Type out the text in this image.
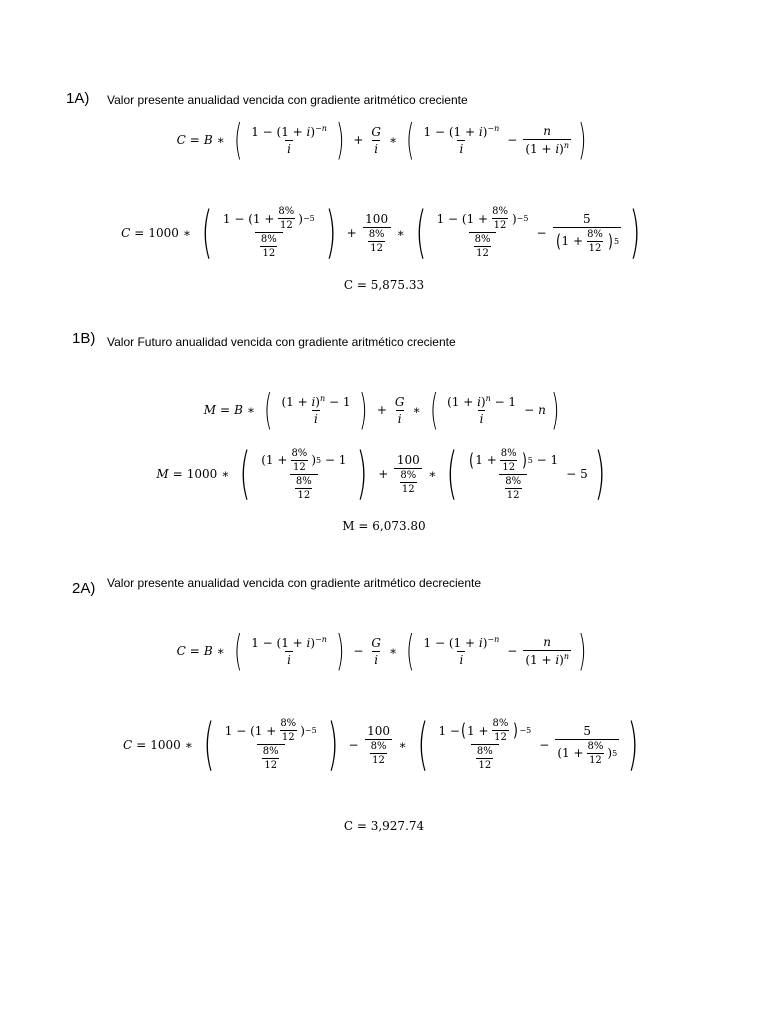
1A) Valor presente anualidad vencida con gradiente aritmético creciente
C = B ∗ ( $\frac{1 - (1 + i)^{-n}}{i}$ ) + $\frac{G}{i}$ ∗ ( $\frac{1 - (1 + i)^{-n}}{i} - \frac{n}{(1 + i)^n}$ )
C = 1000 ∗ ( $\frac{1 - (1 + \frac{8\%}{12} ) -5}{\frac{8\%}{12}}$ ) + $\frac{100}{\frac{8\%}{12}}$ ∗ ( $\frac{1 - (1 + \frac{8\%}{12} ) -5}{\frac{8\%}{12}} - \frac{5}{( 1 + \frac{8\%}{12} ) 5}$ )
C = 5,875.33
1B) Valor Futuro anualidad vencida con gradiente aritmético creciente
M = B ∗ ( $\frac{(1 + i)^n - 1}{i}$ ) + $\frac{G}{i}$ ∗ ( $\frac{(1 + i)^n - 1}{i} - n$ )
M = 1000 ∗ ( $\frac{(1 + \frac{8\%}{12} ) 5 - 1}{\frac{8\%}{12}}$ ) + $\frac{100}{\frac{8\%}{12}}$ ∗ ( $\frac{( 1 + \frac{8\%}{12} ) 5 - 1}{\frac{8\%}{12}} - 5$ )
M = 6,073.80
2A) Valor presente anualidad vencida con gradiente aritmético decreciente
C = B ∗ ( $\frac{1 - (1 + i)^{-n}}{i}$ ) − $\frac{G}{i}$ ∗ ( $\frac{1 - (1 + i)^{-n}}{i} - \frac{n}{(1 + i)^n}$ )
C = 1000 ∗ ( $\frac{1 - (1 + \frac{8\%}{12} ) -5}{\frac{8\%}{12}}$ ) − $\frac{100}{\frac{8\%}{12}}$ ∗ ( $\frac{1 - ( 1 + \frac{8\%}{12} ) -5}{\frac{8\%}{12}} - \frac{5}{(1 + \frac{8\%}{12} ) 5}$ )
C = 3,927.74
